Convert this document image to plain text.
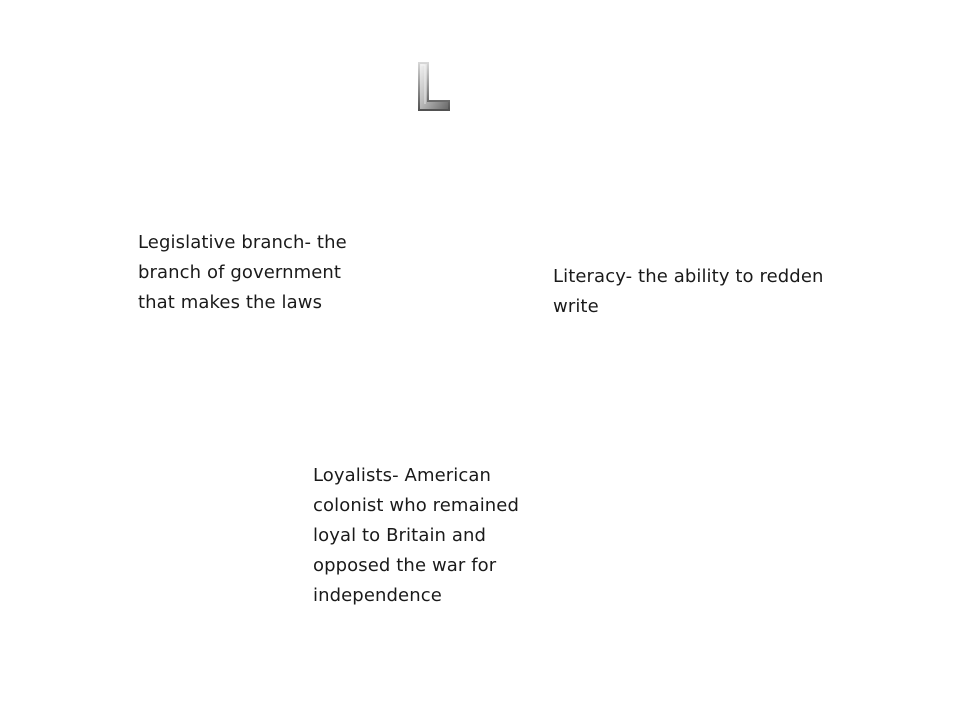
Legislative branch- the branch of government that makes the laws

Literacy- the ability to redden write

Loyalists- American colonist who remained loyal to Britain and opposed the war for independence
